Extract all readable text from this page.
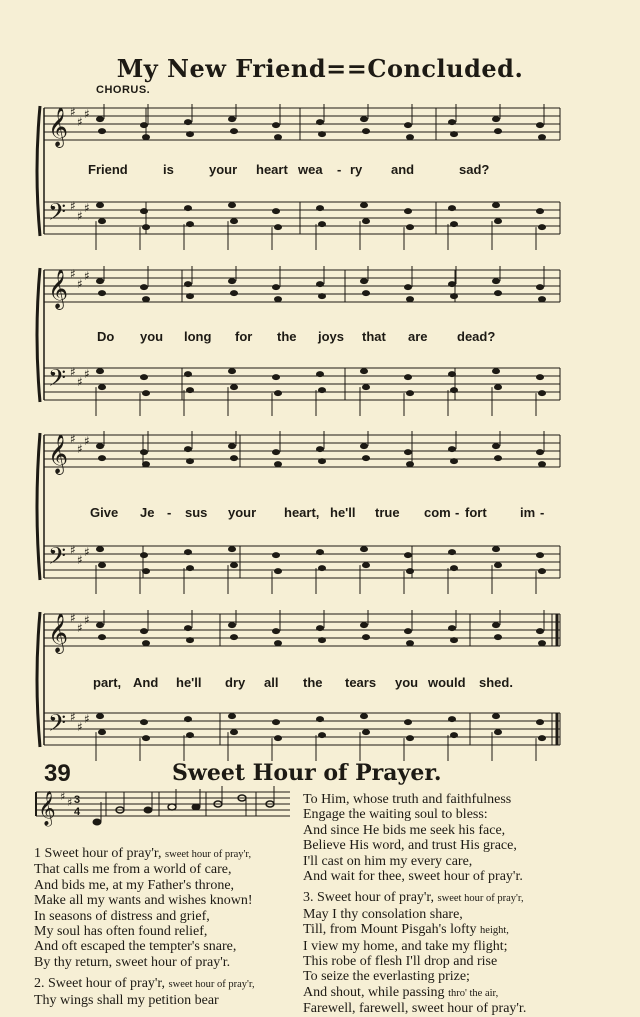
My New Friend==Concluded.
CHORUS.
𝄞 ♯
♯
♯
𝄢 ♯
♯
♯
𝄞 ♯
♯
♯
𝄢 ♯
♯
♯
𝄞 ♯
♯
♯
𝄢 ♯
♯
♯
𝄞 ♯
♯
♯
𝄢 ♯
♯
♯
Friend	is	your heart wea - ry and	sad?
Do you long for the joys that are dead?
Give Je - sus your heart, he'll true com - fort	im -
part, And he'll dry all the tears you would shed.
39	Sweet Hour of Prayer.
𝄞 ♯ ♯ 3
4
1 Sweet hour of pray'r, sweet hour of pray'r,
That calls me from a world of care,
And bids me, at my Father's throne,
Make all my wants and wishes known!
In seasons of distress and grief,
My soul has often found relief,
And oft escaped the tempter's snare,
By thy return, sweet hour of pray'r.
2. Sweet hour of pray'r, sweet hour of pray'r,
Thy wings shall my petition bear
To Him, whose truth and faithfulness
Engage the waiting soul to bless:
And since He bids me seek his face,
Believe His word, and trust His grace,
I'll cast on him my every care,
And wait for thee, sweet hour of pray'r.
3. Sweet hour of pray'r, sweet hour of pray'r,
May I thy consolation share,
Till, from Mount Pisgah's lofty height,
I view my home, and take my flight;
This robe of flesh I'll drop and rise
To seize the everlasting prize;
And shout, while passing thro' the air,
Farewell, farewell, sweet hour of pray'r.
